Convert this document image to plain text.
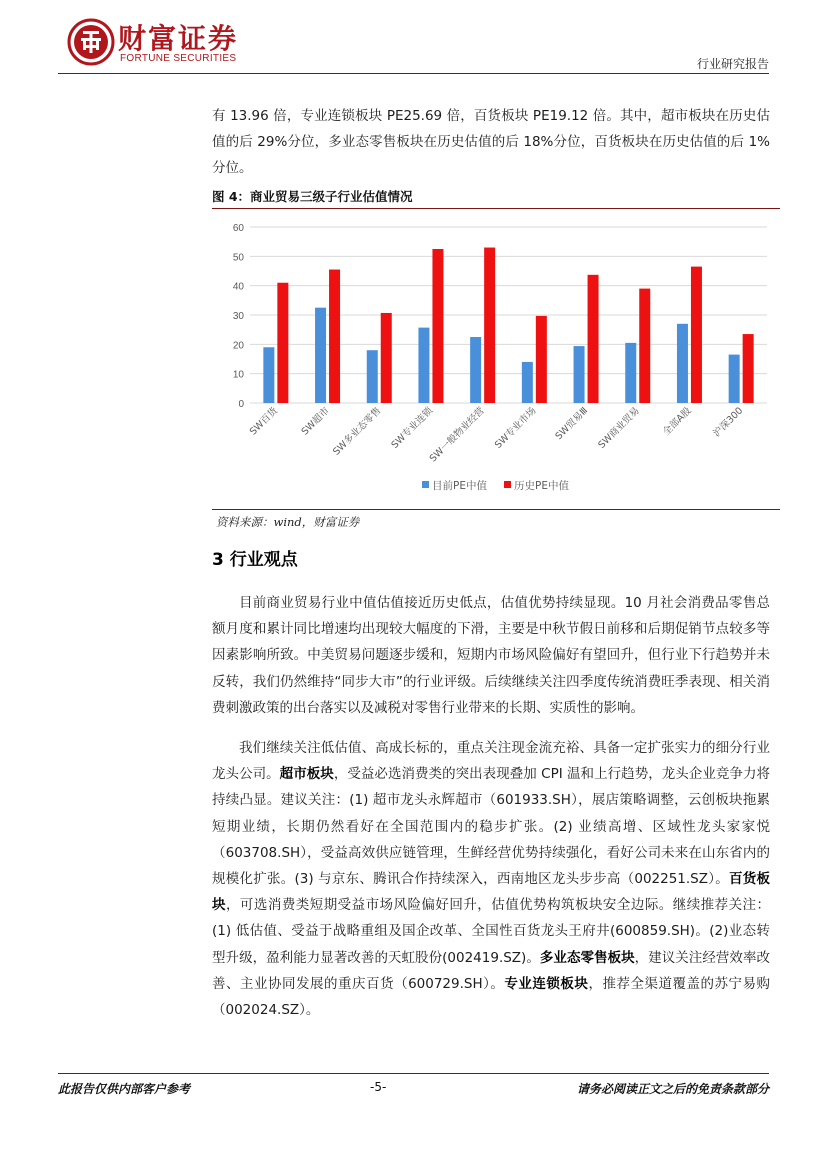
财富证券
FORTUNE SECURITIES	行业研究报告

有 13.96 倍，专业连锁板块 PE25.69 倍，百货板块 PE19.12 倍。其中，超市板块在历史估值的后 29%分位，多业态零售板块在历史估值的后 18%分位，百货板块在历史估值的后 1%分位。

图 4：商业贸易三级子行业估值情况
0
10
20
30
40
50
60
SW百货 SW超市 SW多业态零售 SW专业连锁
SW一般物业经营 SW专业市场 SW贸易Ⅲ SW商业贸易 全部A股 沪深300
目前PE中值	历史PE中值
资料来源：wind，财富证券
3 行业观点

目前商业贸易行业中值估值接近历史低点，估值优势持续显现。10 月社会消费品零售总额月度和累计同比增速均出现较大幅度的下滑，主要是中秋节假日前移和后期促销节点较多等因素影响所致。中美贸易问题逐步缓和，短期内市场风险偏好有望回升，但行业下行趋势并未反转，我们仍然维持“同步大市”的行业评级。后续继续关注四季度传统消费旺季表现、相关消费刺激政策的出台落实以及减税对零售行业带来的长期、实质性的影响。

我们继续关注低估值、高成长标的，重点关注现金流充裕、具备一定扩张实力的细分行业龙头公司。超市板块，受益必选消费类的突出表现叠加 CPI 温和上行趋势，龙头企业竞争力将持续凸显。建议关注：(1) 超市龙头永辉超市（601933.SH），展店策略调整，云创板块拖累短期业绩，长期仍然看好在全国范围内的稳步扩张。(2) 业绩高增、区域性龙头家家悦（603708.SH），受益高效供应链管理，生鲜经营优势持续强化，看好公司未来在山东省内的规模化扩张。(3) 与京东、腾讯合作持续深入，西南地区龙头步步高（002251.SZ）。百货板块，可选消费类短期受益市场风险偏好回升，估值优势构筑板块安全边际。继续推荐关注：(1) 低估值、受益于战略重组及国企改革、全国性百货龙头王府井(600859.SH)。(2)业态转型升级，盈利能力显著改善的天虹股份(002419.SZ)。多业态零售板块，建议关注经营效率改善、主业协同发展的重庆百货（600729.SH）。专业连锁板块，推荐全渠道覆盖的苏宁易购（002024.SZ）。

此报告仅供内部客户参考	-5-	请务必阅读正文之后的免责条款部分
